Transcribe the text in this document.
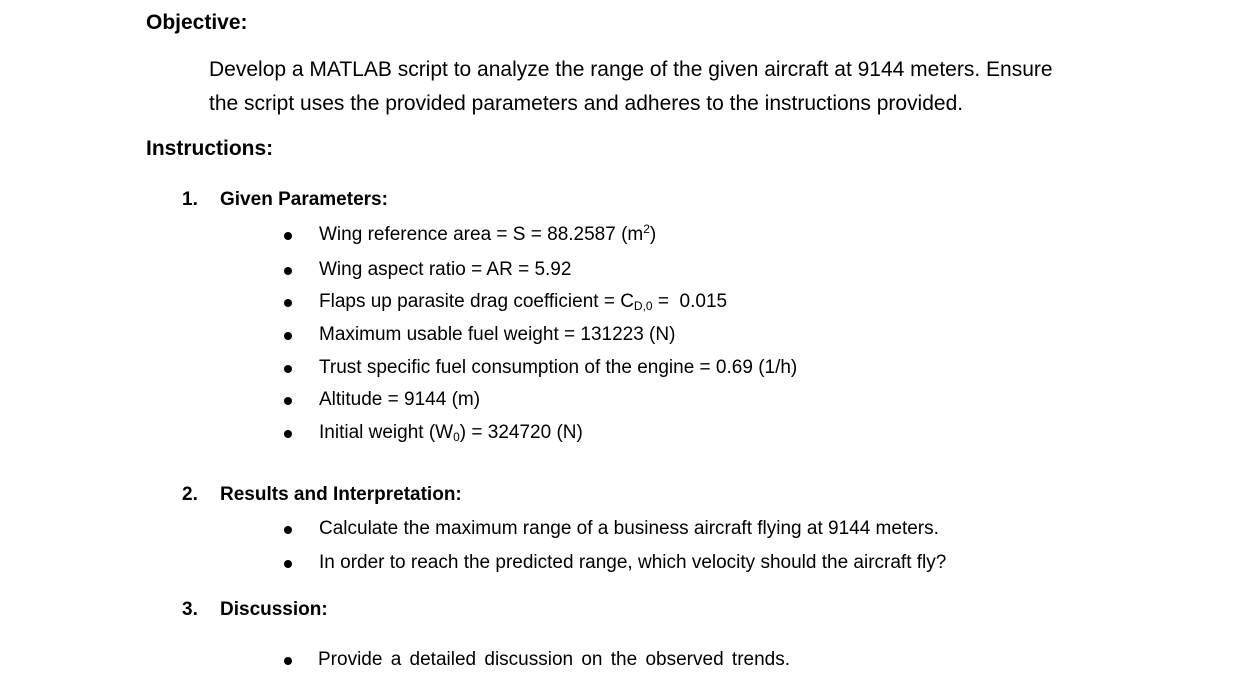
Objective:
Develop a MATLAB script to analyze the range of the given aircraft at 9144 meters. Ensure
the script uses the provided parameters and adheres to the instructions provided.
Instructions:
1. Given Parameters:
Wing reference area = S = 88.2587 $(m^2)$
Wing aspect ratio = AR = 5.92
Flaps up parasite drag coefficient = $C_{D,0} = 0.015$
Maximum usable fuel weight = 131223 (N)
Trust specific fuel consumption of the engine = 0.69 (1/h)
Altitude = 9144 (m)
Initial weight $(W_0) = 324720$ (N)
2. Results and Interpretation:
Calculate the maximum range of a business aircraft flying at 9144 meters.
In order to reach the predicted range, which velocity should the aircraft fly?
3. Discussion:
Provide a detailed discussion on the observed trends.
